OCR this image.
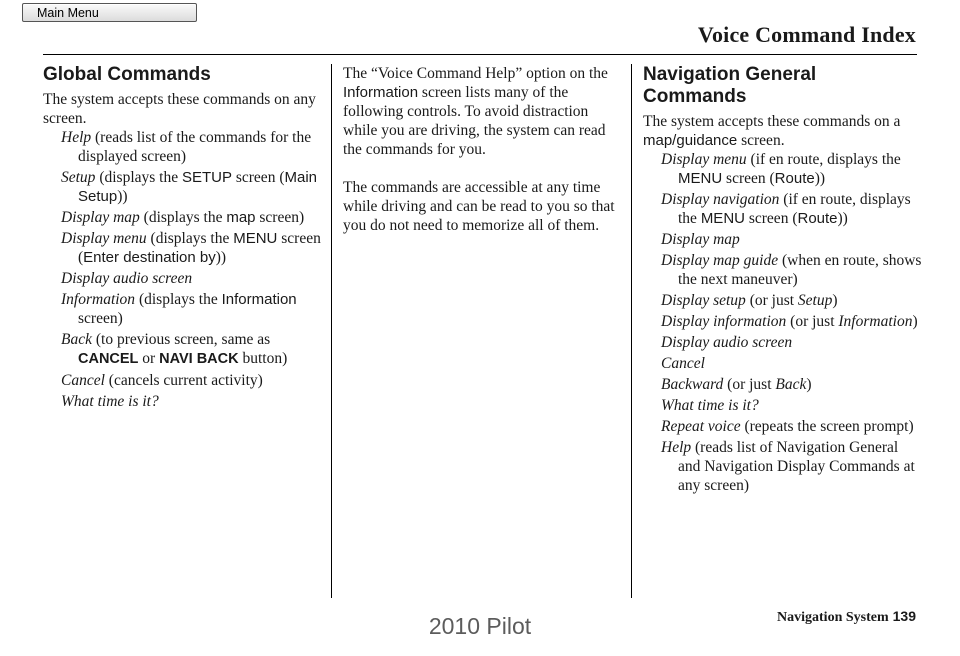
Main Menu
Voice Command Index
Global Commands

The system accepts these commands on any screen.

Help (reads list of the commands for the displayed screen)

Setup (displays the SETUP screen (Main Setup))

Display map (displays the map screen)

Display menu (displays the MENU screen (Enter destination by))

Display audio screen

Information (displays the Information screen)

Back (to previous screen, same as CANCEL or NAVI BACK button)

Cancel (cancels current activity)

What time is it?

The “Voice Command Help” option on the Information screen lists many of the following controls. To avoid distraction while you are driving, the system can read the commands for you.

The commands are accessible at any time while driving and can be read to you so that you do not need to memorize all of them.

Navigation General Commands

The system accepts these commands on a map/guidance screen.

Display menu (if en route, displays the MENU screen (Route))

Display navigation (if en route, displays the MENU screen (Route))

Display map

Display map guide (when en route, shows the next maneuver)

Display setup (or just Setup)

Display information (or just Information)

Display audio screen

Cancel

Backward (or just Back)

What time is it?

Repeat voice (repeats the screen prompt)

Help (reads list of Navigation General and Navigation Display Commands at any screen)

Navigation System 139
2010 Pilot
